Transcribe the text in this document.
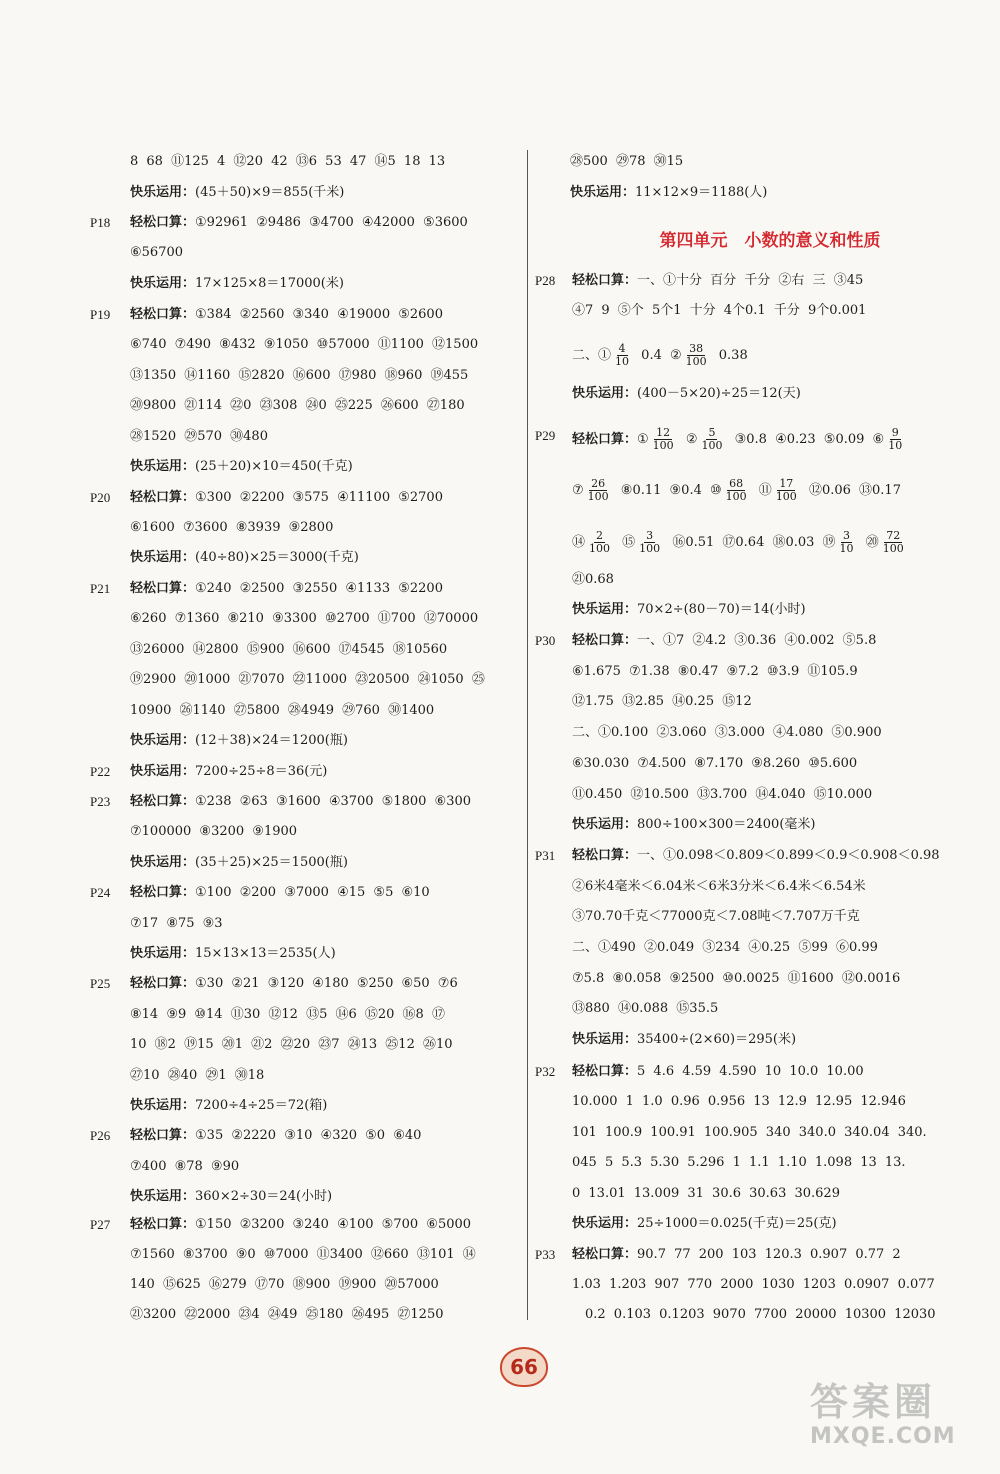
8 68 ⑪125 4 ⑫20 42 ⑬6 53 47 ⑭5 18 13
快乐运用：(45＋50)×9＝855(千米)
P18 轻松口算：①92961 ②9486 ③4700 ④42000 ⑤3600
⑥56700
快乐运用：17×125×8＝17000(米)
P19 轻松口算：①384 ②2560 ③340 ④19000 ⑤2600
⑥740 ⑦490 ⑧432 ⑨1050 ⑩57000 ⑪1100 ⑫1500
⑬1350 ⑭1160 ⑮2820 ⑯600 ⑰980 ⑱960 ⑲455
⑳9800 ㉑114 ㉒0 ㉓308 ㉔0 ㉕225 ㉖600 ㉗180
㉘1520 ㉙570 ㉚480
快乐运用：(25＋20)×10＝450(千克)
P20 轻松口算：①300 ②2200 ③575 ④11100 ⑤2700
⑥1600 ⑦3600 ⑧3939 ⑨2800
快乐运用：(40÷80)×25＝3000(千克)
P21 轻松口算：①240 ②2500 ③2550 ④1133 ⑤2200
⑥260 ⑦1360 ⑧210 ⑨3300 ⑩2700 ⑪700 ⑫70000
⑬26000 ⑭2800 ⑮900 ⑯600 ⑰4545 ⑱10560
⑲2900 ⑳1000 ㉑7070 ㉒11000 ㉓20500 ㉔1050 ㉕
10900 ㉖1140 ㉗5800 ㉘4949 ㉙760 ㉚1400
快乐运用：(12＋38)×24＝1200(瓶)
P22 快乐运用：7200÷25÷8＝36(元)
P23 轻松口算：①238 ②63 ③1600 ④3700 ⑤1800 ⑥300
⑦100000 ⑧3200 ⑨1900
快乐运用：(35＋25)×25＝1500(瓶)
P24 轻松口算：①100 ②200 ③7000 ④15 ⑤5 ⑥10
⑦17 ⑧75 ⑨3
快乐运用：15×13×13＝2535(人)
P25 轻松口算：①30 ②21 ③120 ④180 ⑤250 ⑥50 ⑦6
⑧14 ⑨9 ⑩14 ⑪30 ⑫12 ⑬5 ⑭6 ⑮20 ⑯8 ⑰
10 ⑱2 ⑲15 ⑳1 ㉑2 ㉒20 ㉓7 ㉔13 ㉕12 ㉖10
㉗10 ㉘40 ㉙1 ㉚18
快乐运用：7200÷4÷25＝72(箱)
P26 轻松口算：①35 ②2220 ③10 ④320 ⑤0 ⑥40
⑦400 ⑧78 ⑨90
快乐运用：360×2÷30＝24(小时)
P27 轻松口算：①150 ②3200 ③240 ④100 ⑤700 ⑥5000
⑦1560 ⑧3700 ⑨0 ⑩7000 ⑪3400 ⑫660 ⑬101 ⑭
140 ⑮625 ⑯279 ⑰70 ⑱900 ⑲900 ⑳57000
㉑3200 ㉒2000 ㉓4 ㉔49 ㉕180 ㉖495 ㉗1250
㉘500 ㉙78 ㉚15
快乐运用：11×12×9＝1188(人)
第四单元　小数的意义和性质
P28 轻松口算：一、①十分 百分 千分 ②右 三 ③45
④7 9 ⑤个 5个1 十分 4个0.1 千分 9个0.001
二、① $\frac{4}{10} 0.4$ ② $\frac{38}{100} 0.38$
快乐运用：(400－5×20)÷25＝12(天)
P29 轻松口算：① $\frac{12}{100}$ ② $\frac{5}{100}$ ③0.8 ④0.23 ⑤0.09 ⑥ $\frac{9}{10}$
⑦ $\frac{26}{100}$ ⑧0.11 ⑨0.4 ⑩ $\frac{68}{100}$ ⑪ $\frac{17}{100}$ ⑫0.06 ⑬0.17
⑭ $\frac{2}{100}$ ⑮ $\frac{3}{100}$ ⑯0.51 ⑰0.64 ⑱0.03 ⑲ $\frac{3}{10}$ ⑳ $\frac{72}{100}$
㉑0.68
快乐运用：70×2÷(80－70)＝14(小时)
P30 轻松口算：一、①7 ②4.2 ③0.36 ④0.002 ⑤5.8
⑥1.675 ⑦1.38 ⑧0.47 ⑨7.2 ⑩3.9 ⑪105.9
⑫1.75 ⑬2.85 ⑭0.25 ⑮12
二、①0.100 ②3.060 ③3.000 ④4.080 ⑤0.900
⑥30.030 ⑦4.500 ⑧7.170 ⑨8.260 ⑩5.600
⑪0.450 ⑫10.500 ⑬3.700 ⑭4.040 ⑮10.000
快乐运用：800÷100×300＝2400(毫米)
P31 轻松口算：一、①0.098＜0.809＜0.899＜0.9＜0.908＜0.98
②6米4毫米＜6.04米＜6米3分米＜6.4米＜6.54米
③70.70千克＜77000克＜7.08吨＜7.707万千克
二、①490 ②0.049 ③234 ④0.25 ⑤99 ⑥0.99
⑦5.8 ⑧0.058 ⑨2500 ⑩0.0025 ⑪1600 ⑫0.0016
⑬880 ⑭0.088 ⑮35.5
快乐运用：35400÷(2×60)＝295(米)
P32 轻松口算：5 4.6 4.59 4.590 10 10.0 10.00
10.000 1 1.0 0.96 0.956 13 12.9 12.95 12.946
101 100.9 100.91 100.905 340 340.0 340.04 340.
045 5 5.3 5.30 5.296 1 1.1 1.10 1.098 13 13.
0 13.01 13.009 31 30.6 30.63 30.629
快乐运用：25÷1000＝0.025(千克)＝25(克)
P33 轻松口算：90.7 77 200 103 120.3 0.907 0.77 2
1.03 1.203 907 770 2000 1030 1203 0.0907 0.077
0.2 0.103 0.1203 9070 7700 20000 10300 12030
66
答案圈
MXQE.COM
